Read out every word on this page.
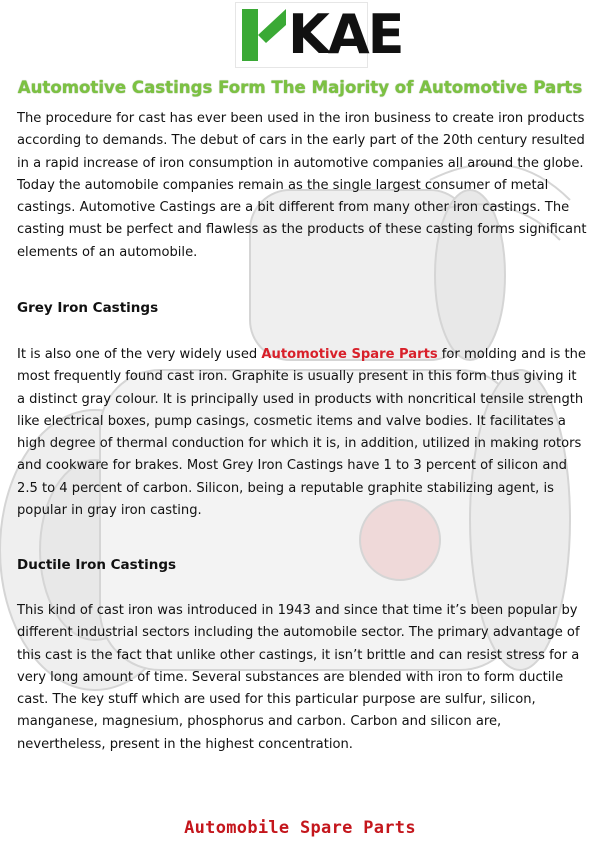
KAE
Automotive Castings Form The Majority of Automotive Parts

The procedure for cast has ever been used in the iron business to create iron products according to demands. The debut of cars in the early part of the 20th century resulted in a rapid increase of iron consumption in automotive companies all around the globe. Today the automobile companies remain as the single largest consumer of metal castings. Automotive Castings are a bit different from many other iron castings. The casting must be perfect and flawless as the products of these casting forms significant elements of an automobile.

Grey Iron Castings

It is also one of the very widely used Automotive Spare Parts for molding and is the most frequently found cast iron. Graphite is usually present in this form thus giving it a distinct gray colour. It is principally used in products with noncritical tensile strength like electrical boxes, pump casings, cosmetic items and valve bodies. It facilitates a high degree of thermal conduction for which it is, in addition, utilized in making rotors and cookware for brakes. Most Grey Iron Castings have 1 to 3 percent of silicon and 2.5 to 4 percent of carbon. Silicon, being a reputable graphite stabilizing agent, is popular in gray iron casting.

Ductile Iron Castings

This kind of cast iron was introduced in 1943 and since that time it’s been popular by different industrial sectors including the automobile sector. The primary advantage of this cast is the fact that unlike other castings, it isn’t brittle and can resist stress for a very long amount of time. Several substances are blended with iron to form ductile cast. The key stuff which are used for this particular purpose are sulfur, silicon, manganese, magnesium, phosphorus and carbon. Carbon and silicon are, nevertheless, present in the highest concentration.

Automobile Spare Parts
